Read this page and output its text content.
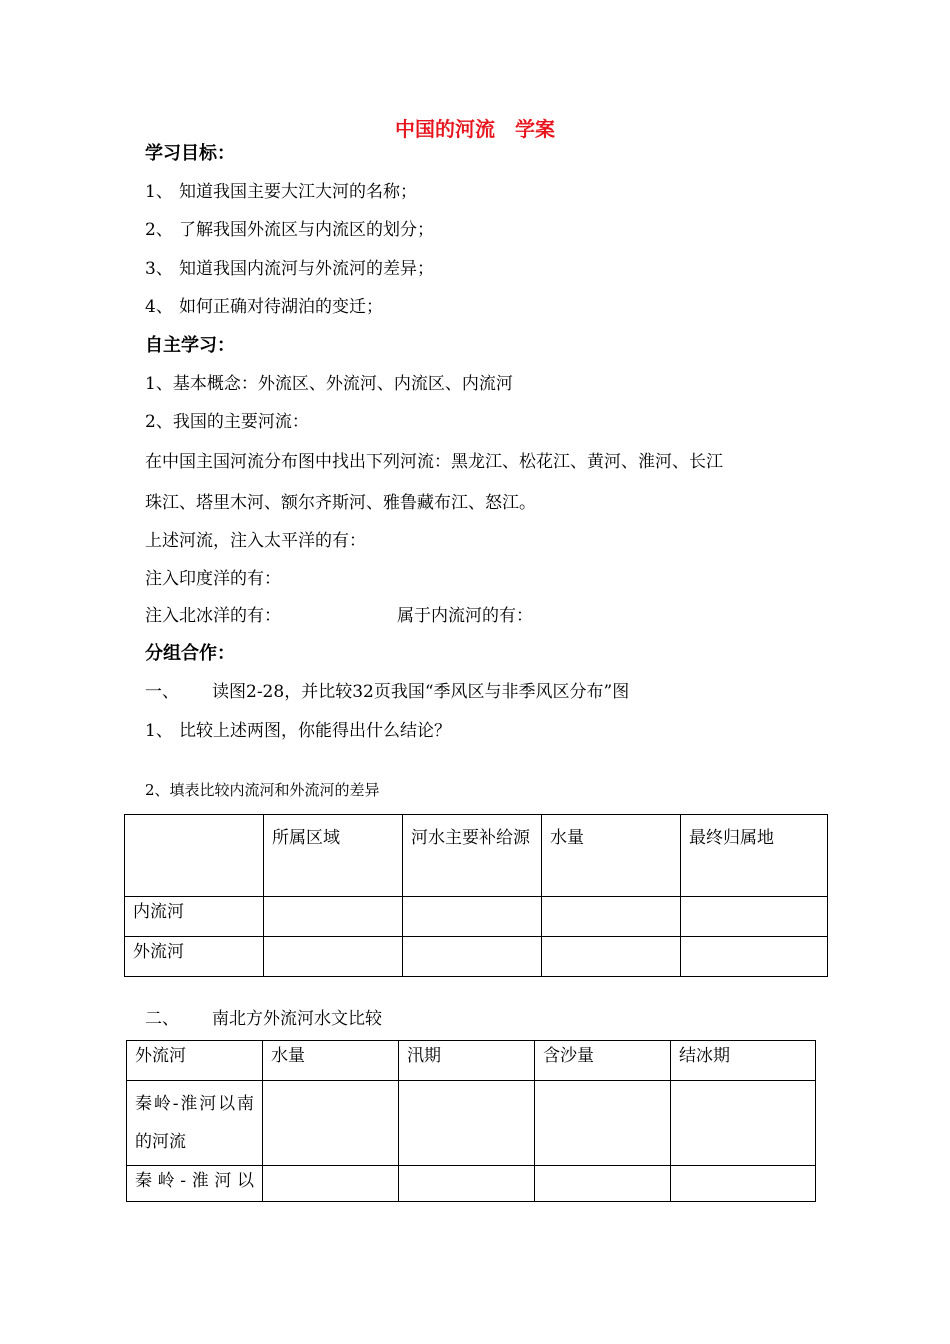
中国的河流　学案
学习目标：
1、 知道我国主要大江大河的名称；
2、 了解我国外流区与内流区的划分；
3、 知道我国内流河与外流河的差异；
4、 如何正确对待湖泊的变迁；
自主学习：
1、基本概念：外流区、外流河、内流区、内流河
2、我国的主要河流：
在中国主国河流分布图中找出下列河流：黑龙江、松花江、黄河、淮河、长江
珠江、塔里木河、额尔齐斯河、雅鲁藏布江、怒江。
上述河流，注入太平洋的有：
注入印度洋的有：
注入北冰洋的有：	属于内流河的有：
分组合作：
一、 读图2-28，并比较32页我国“季风区与非季风区分布”图
1、 比较上述两图，你能得出什么结论？
2、填表比较内流河和外流河的差异
	所属区域	河水主要补给源	水量	最终归属地
内流河				
外流河				
二、 南北方外流河水文比较
外流河	水量	汛期	含沙量	结冰期
秦岭-淮河以南的河流				
秦岭-淮河以				
